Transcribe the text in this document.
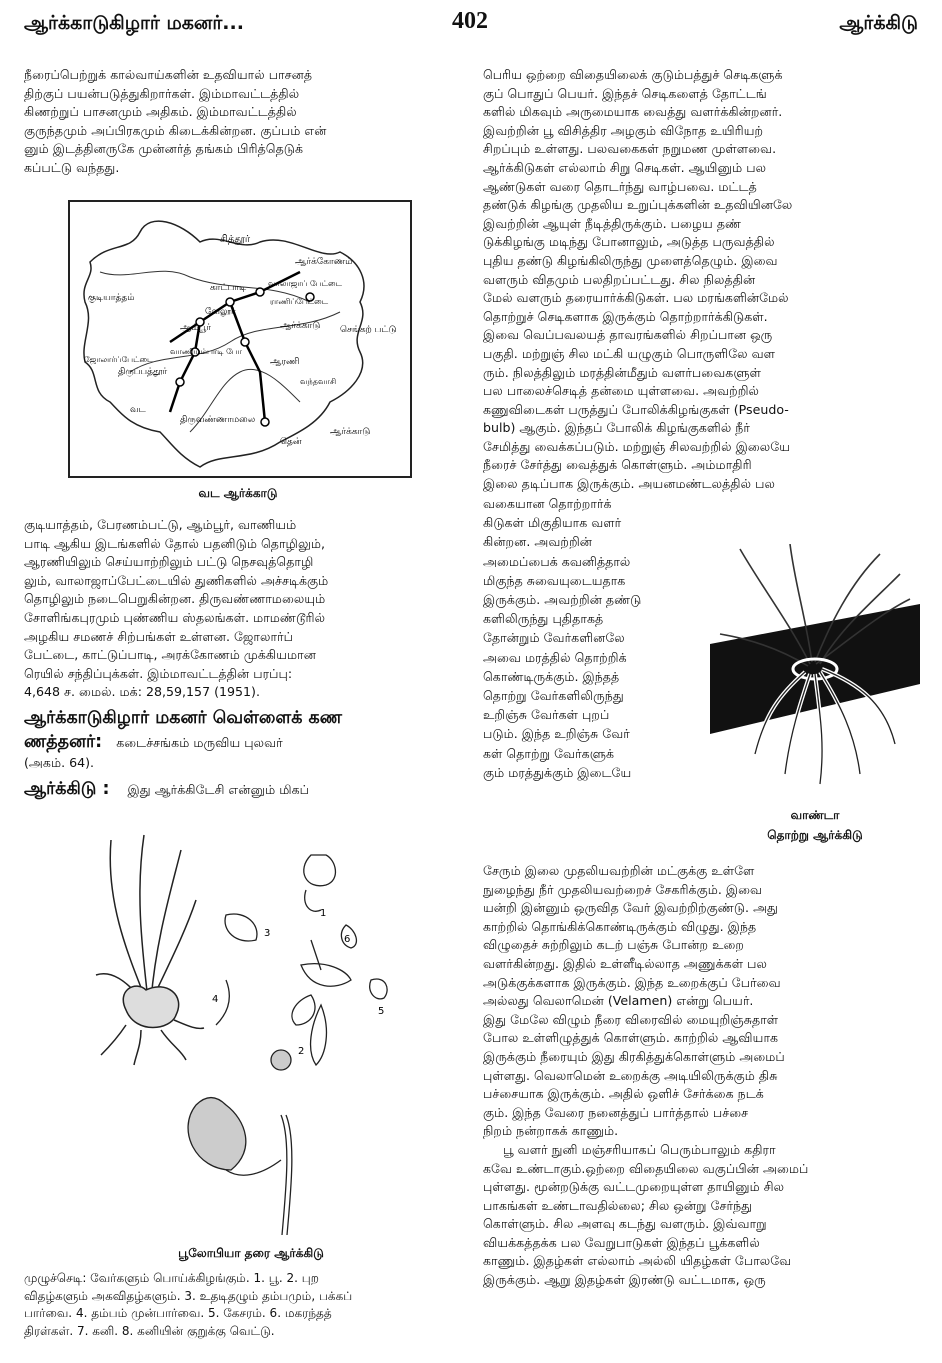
ஆர்க்காடுகிழார் மகனர்...	402	ஆர்க்கிடு

நீரைப்பெற்றுக் கால்வாய்களின் உதவியால் பாசனத்

திற்குப் பயன்படுத்துகிறார்கள். இம்மாவட்டத்தில்

கிணற்றுப் பாசனமும் அதிகம். இம்மாவட்டத்தில்

குருந்தமும் அப்பிரகமும் கிடைக்கின்றன. குப்பம் என்

னும் இடத்தினருகே முன்னர்த் தங்கம் பிரித்தெடுக்

கப்பட்டு வந்தது.

சித்தூர்
ஆர்க்கோணம்
குடியாத்தம்
காட்பாடி	வாலாஜாப் பேட்டை
ராணிப்பேட்டை
வேலூர்
ஆர்க்காடு
ஆம்பூர்	செங்கற் பட்டு
வாணியம்பாடி போ
ஜோலார்ப்பேட்டை
திருப்பத்தூர்
ஆரணி
வந்தவாசி
திருவண்ணாமலை
ஆர்க்காடு
தென்
வட
வட ஆர்க்காடு

குடியாத்தம், பேரணம்பட்டு, ஆம்பூர், வாணியம்

பாடி ஆகிய இடங்களில் தோல் பதனிடும் தொழிலும்,

ஆரணியிலும் செய்யாற்றிலும் பட்டு நெசவுத்தொழி

லும், வாலாஜாப்பேட்டையில் துணிகளில் அச்சடிக்கும்

தொழிலும் நடைபெறுகின்றன. திருவண்ணாமலையும்

சோளிங்கபுரமும் புண்ணிய ஸ்தலங்கள். மாமண்டூரில்

அழகிய சமணச் சிற்பங்கள் உள்ளன. ஜோலார்ப்

பேட்டை, காட்டுப்பாடி, அரக்கோணம் முக்கியமான

ரெயில் சந்திப்புக்கள். இம்மாவட்டத்தின் பரப்பு:

4,648 ச. மைல். மக்: 28,59,157 (1951).

ஆர்க்காடுகிழார் மகனர் வெள்ளைக் கண
ணத்தனர்: கடைச்சங்கம் மருவிய புலவர்
(அகம். 64).
ஆர்க்கிடு : இது ஆர்க்கிடேசி என்னும் மிகப்
1
2
3
4
5
6
பூலோபியா தரை ஆர்க்கிடு

முழுச்செடி: வேர்களும் பொய்க்கிழங்கும். 1. பூ. 2. புற

விதழ்களும் அகவிதழ்களும். 3. உதடிதழும் தம்பமும், பக்கப்

பார்வை. 4. தம்பம் முன்பார்வை. 5. கேசரம். 6. மகரந்தத்

திரள்கள். 7. கனி. 8. கனியின் குறுக்கு வெட்டு.

பெரிய ஒற்றை விதையிலைக் குடும்பத்துச் செடிகளுக்

குப் பொதுப் பெயர். இந்தச் செடிகளைத் தோட்டங்

களில் மிகவும் அருமையாக வைத்து வளர்க்கின்றனர்.

இவற்றின் பூ விசித்திர அழகும் விநோத உயிரியற்

சிறப்பும் உள்ளது. பலவகைகள் நறுமண முள்ளவை.

ஆர்க்கிடுகள் எல்லாம் சிறு செடிகள். ஆயினும் பல

ஆண்டுகள் வரை தொடர்ந்து வாழ்பவை. மட்டத்

தண்டுக் கிழங்கு முதலிய உறுப்புக்களின் உதவியினலே

இவற்றின் ஆயுள் நீடித்திருக்கும். பழைய தண்

டுக்கிழங்கு மடிந்து போனாலும், அடுத்த பருவத்தில்

புதிய தண்டு கிழங்கிலிருந்து முளைத்தெழும். இவை

வளரும் விதமும் பலதிறப்பட்டது. சில நிலத்தின்

மேல் வளரும் தரையார்க்கிடுகள். பல மரங்களின்மேல்

தொற்றுச் செடிகளாக இருக்கும் தொற்றார்க்கிடுகள்.

இவை வெப்பவலயத் தாவரங்களில் சிறப்பான ஒரு

பகுதி. மற்றுஞ் சில மட்கி யழுகும் பொருளிலே வள

ரும். நிலத்திலும் மரத்தின்மீதும் வளர்பவைகளுள்

பல பாலைச்செடித் தன்மை யுள்ளவை. அவற்றில்

கணுவிடைகள் பருத்துப் போலிக்கிழங்குகள் (Pseudo-

bulb) ஆகும். இந்தப் போலிக் கிழங்குகளில் நீர்

சேமித்து வைக்கப்படும். மற்றுஞ் சிலவற்றில் இலையே

நீரைச் சேர்த்து வைத்துக் கொள்ளும். அம்மாதிரி

இலை தடிப்பாக இருக்கும். அயனமண்டலத்தில் பல

வகையான தொற்றார்க்

கிடுகள் மிகுதியாக வளர்

கின்றன. அவற்றின்

அமைப்பைக் கவனித்தால்

மிகுந்த சுவையுடையதாக

இருக்கும். அவற்றின் தண்டு

களிலிருந்து புதிதாகத்

தோன்றும் வேர்களினலே

அவை மரத்தில் தொற்றிக்

கொண்டிருக்கும். இந்தத்

தொற்று வேர்களிலிருந்து

உறிஞ்சு வேர்கள் புறப்

படும். இந்த உறிஞ்சு வேர்

கள் தொற்று வேர்களுக்

கும் மரத்துக்கும் இடையே

வாண்டா
தொற்று ஆர்க்கிடு

சேரும் இலை முதலியவற்றின் மட்குக்கு உள்ளே

நுழைந்து நீர் முதலியவற்றைச் சேகரிக்கும். இவை

யன்றி இன்னும் ஒருவித வேர் இவற்றிற்குண்டு. அது

காற்றில் தொங்கிக்கொண்டிருக்கும் விழுது. இந்த

விழுதைச் சுற்றிலும் கடற் பஞ்சு போன்ற உறை

வளர்கின்றது. இதில் உள்ளீடில்லாத அணுக்கள் பல

அடுக்குக்களாக இருக்கும். இந்த உறைக்குப் பேர்வை

அல்லது வெலாமென் (Velamen) என்று பெயர்.

இது மேலே விழும் நீரை விரைவில் மையுறிஞ்சுதாள்

போல உள்ளிழுத்துக் கொள்ளும். காற்றில் ஆவியாக

இருக்கும் நீரையும் இது கிரகித்துக்கொள்ளும் அமைப்

புள்ளது. வெலாமென் உறைக்கு அடியிலிருக்கும் திசு

பச்சையாக இருக்கும். அதில் ஒளிச் சேர்க்கை நடக்

கும். இந்த வேரை நனைத்துப் பார்த்தால் பச்சை

நிறம் நன்றாகக் காணும்.

பூ வளர் நுனி மஞ்சரியாகப் பெரும்பாலும் கதிரா

கவே உண்டாகும்.ஒற்றை விதையிலை வகுப்பின் அமைப்

புள்ளது. மூன்றடுக்கு வட்டமுறையுள்ள தாயினும் சில

பாகங்கள் உண்டாவதில்லை; சில ஒன்று சேர்ந்து

கொள்ளும். சில அளவு கடந்து வளரும். இவ்வாறு

வியக்கத்தக்க பல வேறுபாடுகள் இந்தப் பூக்களில்

காணும். இதழ்கள் எல்லாம் அல்லி யிதழ்கள் போலவே

இருக்கும். ஆறு இதழ்கள் இரண்டு வட்டமாக, ஒரு
